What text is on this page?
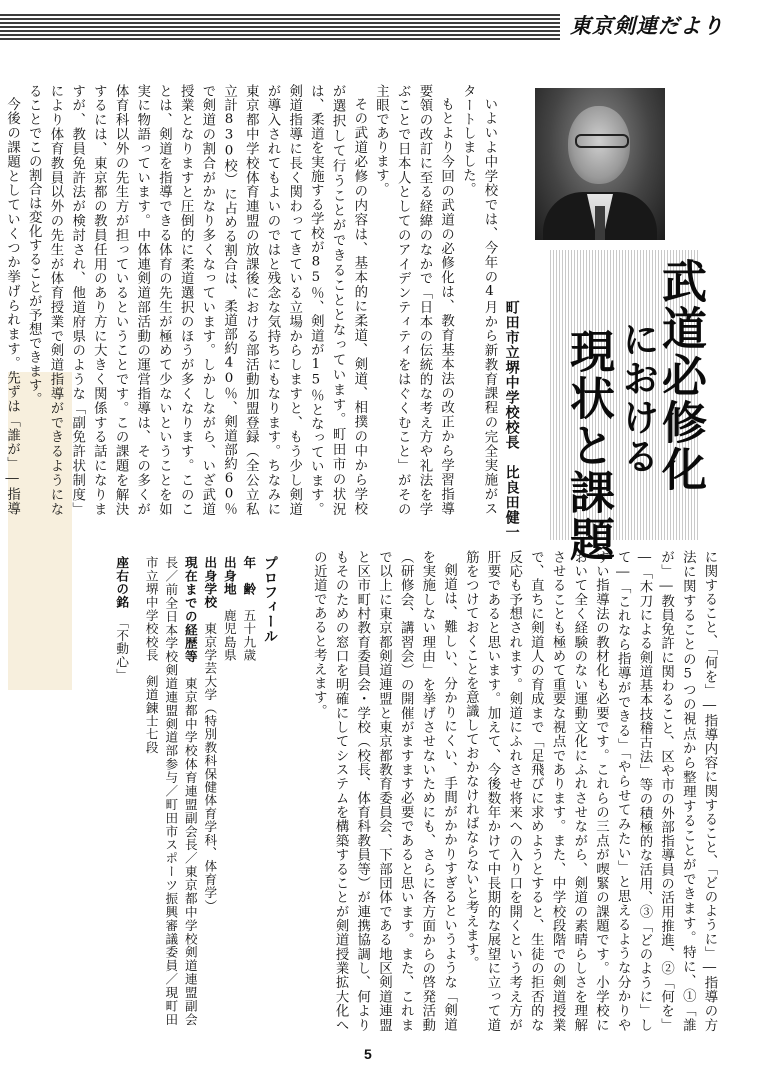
東京剣連だより
武道必修化
における
現状と課題
町田市立堺中学校校長　比良田健一

いよいよ中学校では、今年の4月から新教育課程の完全実施がスタートしました。

もとより今回の武道の必修化は、教育基本法の改正から学習指導要領の改訂に至る経緯のなかで「日本の伝統的な考え方や礼法を学ぶことで日本人としてのアイデンティティをはぐくむこと」がその主眼であります。

その武道必修の内容は、基本的に柔道、剣道、相撲の中から学校が選択して行うことができることとなっています。町田市の状況は、柔道を実施する学校が85％、剣道が15％となっています。剣道指導に長く関わってきている立場からしますと、もう少し剣道が導入されてもよいのではと残念な気持ちにもなります。ちなみに東京都中学校体育連盟の放課後における部活動加盟登録（全公立私立計830校）に占める割合は、柔道部約40％、剣道部約60％で剣道の割合がかなり多くなっています。しかしながら、いざ武道授業となりますと圧倒的に柔道選択のほうが多くなります。このことは、剣道を指導できる体育の先生が極めて少ないということを如実に物語っています。中体連剣道部活動の運営指導は、その多くが体育科以外の先生方が担っているということです。この課題を解決するには、東京都の教員任用のあり方に大きく関係する話になりますが、教員免許法が検討され、他道府県のような「副免許状制度」により体育教員以外の先生が体育授業で剣道指導ができるようになることでこの割合は変化することが予想できます。

今後の課題としていくつか挙げられます。先ずは「誰が」―指導

に関すること、「何を」―指導内容に関すること、「どのように」―指導の方法に関することの5つの視点から整理することができます。特に、①「誰が」―教員免許に関わること、区や市の外部指導員の活用推進、②「何を」―「木刀による剣道基本技稽古法」等の積極的な活用、③「どのように」して―「これなら指導ができる」「やらせてみたい」と思えるような分かりやすい指導法の教材化も必要です。これらの三点が喫緊の課題です。小学校において全く経験のない運動文化にふれさせながら、剣道の素晴らしさを理解させることも極めて重要な視点であります。また、中学校段階での剣道授業で、直ちに剣道人の育成まで「足飛びに求めようとすると、生徒の拒否的な反応も予想されます。剣道にふれさせ将来への入り口を開くという考え方が肝要であると思います。加えて、今後数年かけて中長期的な展望に立って道筋をつけておくことを意識しておかなければならないと考えます。

剣道は、難しい、分かりにくい、手間がかかりすぎるというような「剣道を実施しない理由」を挙げさせないためにも、さらに各方面からの啓発活動（研修会、講習会）の開催がますます必要であると思います。また、これまで以上に東京都剣道連盟と東京都教育委員会、下部団体である地区剣道連盟と区市町村教育委員会・学校（校長、体育科教員等）が連携協調し、何よりもそのための窓口を明確にしてシステムを構築することが剣道授業拡大化への近道であると考えます。

プロフィール
年　齢　五十九歳
出身地　鹿児島県
出身学校　東京学芸大学（特別教科保健体育学科、体育学）
現在までの経歴等　東京都中学校体育連盟副会長／東京都中学校剣道連盟副会長／前全日本学校剣道連盟剣道部参与／町田市スポーツ振興審議委員／現町田市立堺中学校校長　剣道錬士七段
座右の銘　「不動心」
5
